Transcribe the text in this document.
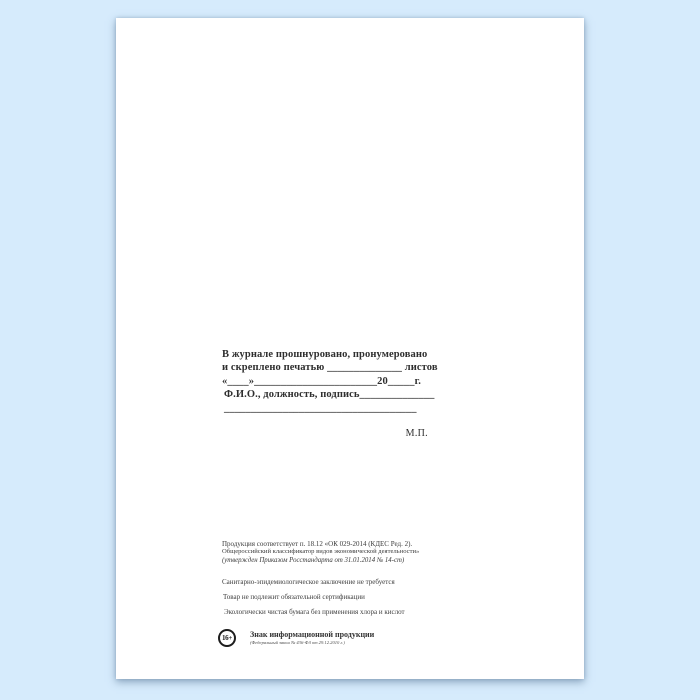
В журнале прошнуровано, пронумеровано
и скреплено печатью ______________ листов
«____»_______________________20_____г.
Ф.И.О., должность, подпись______________
____________________________________
М.П.
Продукция соответствует п. 18.12 «ОК 029-2014 (КДЕС Ред. 2).
Общероссийский классификатор видов экономической деятельности»
(утвержден Приказом Росстандарта от 31.01.2014 № 14-ст)
Санитарно-эпидемиологическое заключение не требуется
Товар не подлежит обязательной сертификации
Экологически чистая бумага без применения хлора и кислот
16+	Знак информационной продукции
(Федеральный закон № 436-ФЗ от 29.12.2010 г.)
